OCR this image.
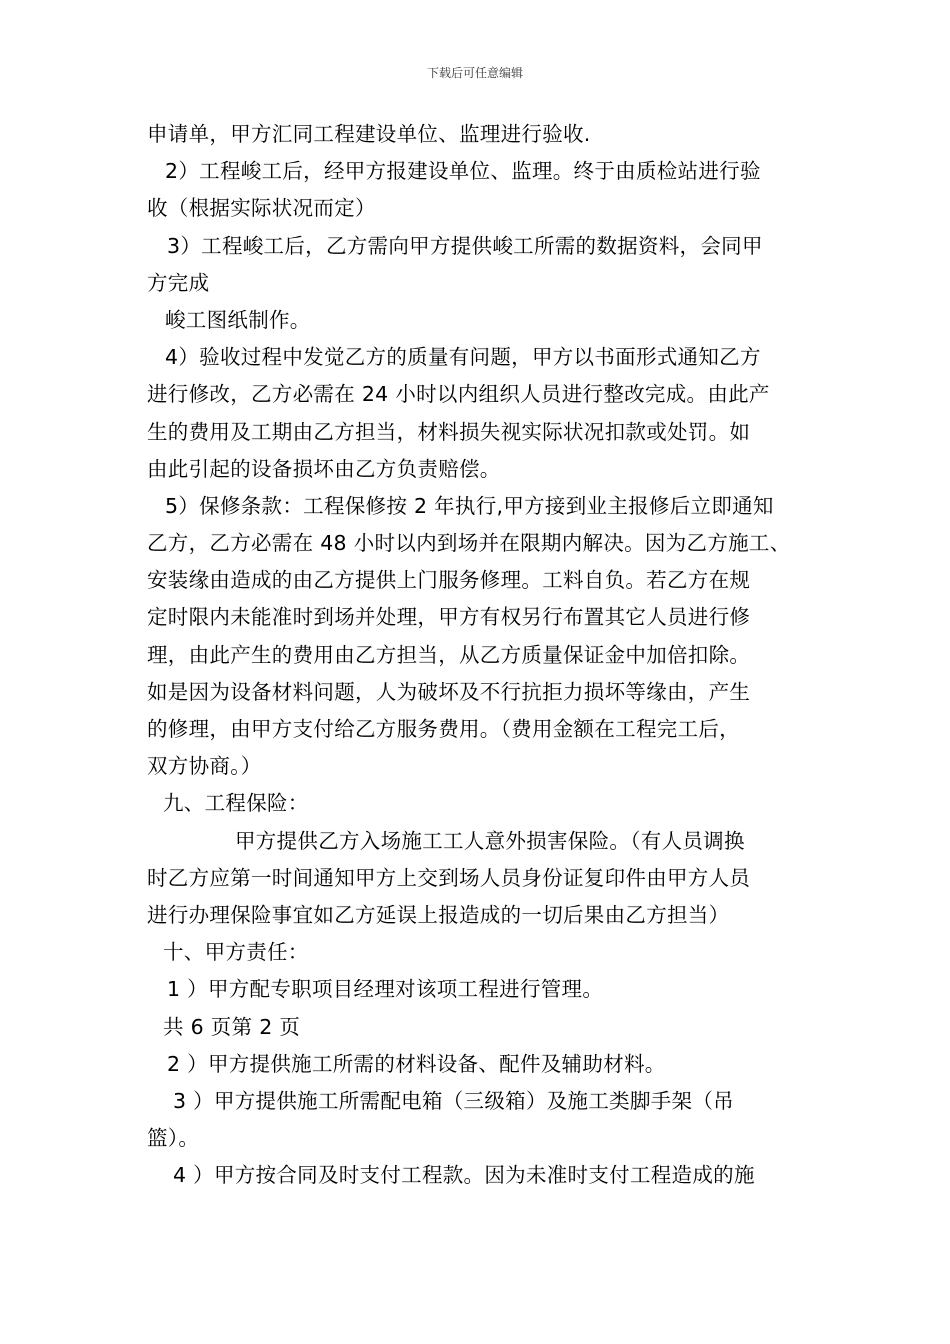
下载后可任意编辑
申请单，甲方汇同工程建设单位、监理进行验收.
2）工程峻工后，经甲方报建设单位、监理。终于由质检站进行验
收（根据实际状况而定）
3）工程峻工后，乙方需向甲方提供峻工所需的数据资料，会同甲
方完成
峻工图纸制作。
4）验收过程中发觉乙方的质量有问题，甲方以书面形式通知乙方
进行修改，乙方必需在 24 小时以内组织人员进行整改完成。由此产
生的费用及工期由乙方担当，材料损失视实际状况扣款或处罚。如
由此引起的设备损坏由乙方负责赔偿。
5）保修条款：工程保修按 2 年执行,甲方接到业主报修后立即通知
乙方，乙方必需在 48 小时以内到场并在限期内解决。因为乙方施工、
安装缘由造成的由乙方提供上门服务修理。工料自负。若乙方在规
定时限内未能准时到场并处理，甲方有权另行布置其它人员进行修
理，由此产生的费用由乙方担当，从乙方质量保证金中加倍扣除。
如是因为设备材料问题，人为破坏及不行抗拒力损坏等缘由，产生
的修理，由甲方支付给乙方服务费用。（费用金额在工程完工后，
双方协商。）
九、工程保险：
甲方提供乙方入场施工工人意外损害保险。（有人员调换
时乙方应第一时间通知甲方上交到场人员身份证复印件由甲方人员
进行办理保险事宜如乙方延误上报造成的一切后果由乙方担当）
十、甲方责任：
1 ）甲方配专职项目经理对该项工程进行管理。
共 6 页第 2 页
2 ）甲方提供施工所需的材料设备、配件及辅助材料。
3 ）甲方提供施工所需配电箱（三级箱）及施工类脚手架（吊
篮）。
4 ）甲方按合同及时支付工程款。因为未准时支付工程造成的施
